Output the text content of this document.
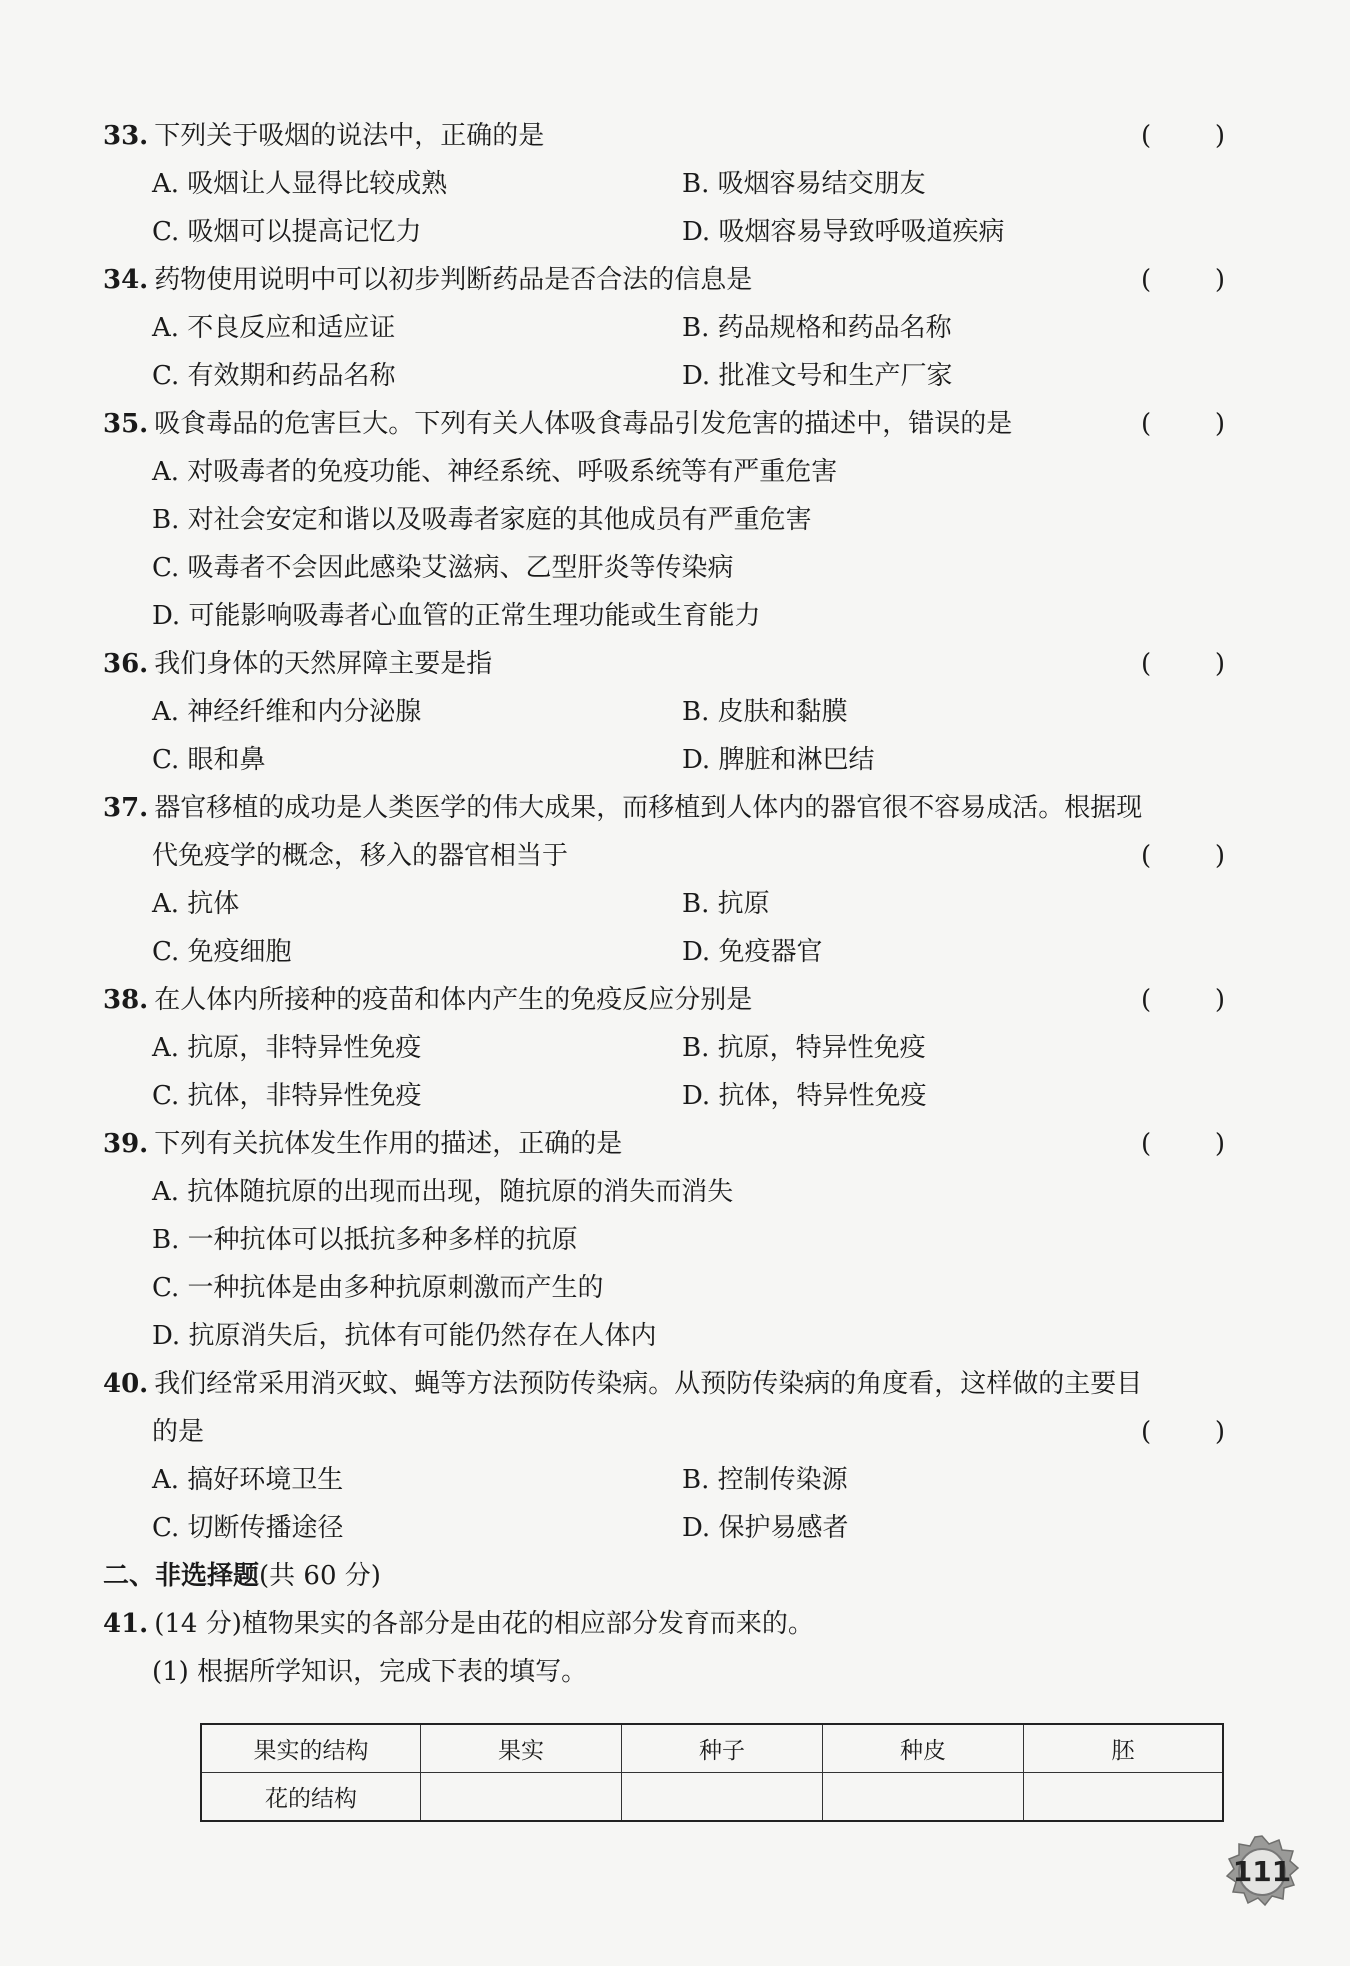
33. 下列关于吸烟的说法中，正确的是	( )
A. 吸烟让人显得比较成熟	B. 吸烟容易结交朋友
C. 吸烟可以提高记忆力	D. 吸烟容易导致呼吸道疾病
34. 药物使用说明中可以初步判断药品是否合法的信息是	( )
A. 不良反应和适应证	B. 药品规格和药品名称
C. 有效期和药品名称	D. 批准文号和生产厂家
35. 吸食毒品的危害巨大。下列有关人体吸食毒品引发危害的描述中，错误的是	( )
A. 对吸毒者的免疫功能、神经系统、呼吸系统等有严重危害
B. 对社会安定和谐以及吸毒者家庭的其他成员有严重危害
C. 吸毒者不会因此感染艾滋病、乙型肝炎等传染病
D. 可能影响吸毒者心血管的正常生理功能或生育能力
36. 我们身体的天然屏障主要是指	( )
A. 神经纤维和内分泌腺	B. 皮肤和黏膜
C. 眼和鼻	D. 脾脏和淋巴结
37. 器官移植的成功是人类医学的伟大成果，而移植到人体内的器官很不容易成活。根据现
代免疫学的概念，移入的器官相当于	( )
A. 抗体	B. 抗原
C. 免疫细胞	D. 免疫器官
38. 在人体内所接种的疫苗和体内产生的免疫反应分别是	( )
A. 抗原，非特异性免疫	B. 抗原，特异性免疫
C. 抗体，非特异性免疫	D. 抗体，特异性免疫
39. 下列有关抗体发生作用的描述，正确的是	( )
A. 抗体随抗原的出现而出现，随抗原的消失而消失
B. 一种抗体可以抵抗多种多样的抗原
C. 一种抗体是由多种抗原刺激而产生的
D. 抗原消失后，抗体有可能仍然存在人体内
40. 我们经常采用消灭蚊、蝇等方法预防传染病。从预防传染病的角度看，这样做的主要目
的是	( )
A. 搞好环境卫生	B. 控制传染源
C. 切断传播途径	D. 保护易感者
二、非选择题(共 60 分)
41. (14 分)植物果实的各部分是由花的相应部分发育而来的。
(1) 根据所学知识，完成下表的填写。
果实的结构	果实	种子	种皮	胚
花的结构				
111
